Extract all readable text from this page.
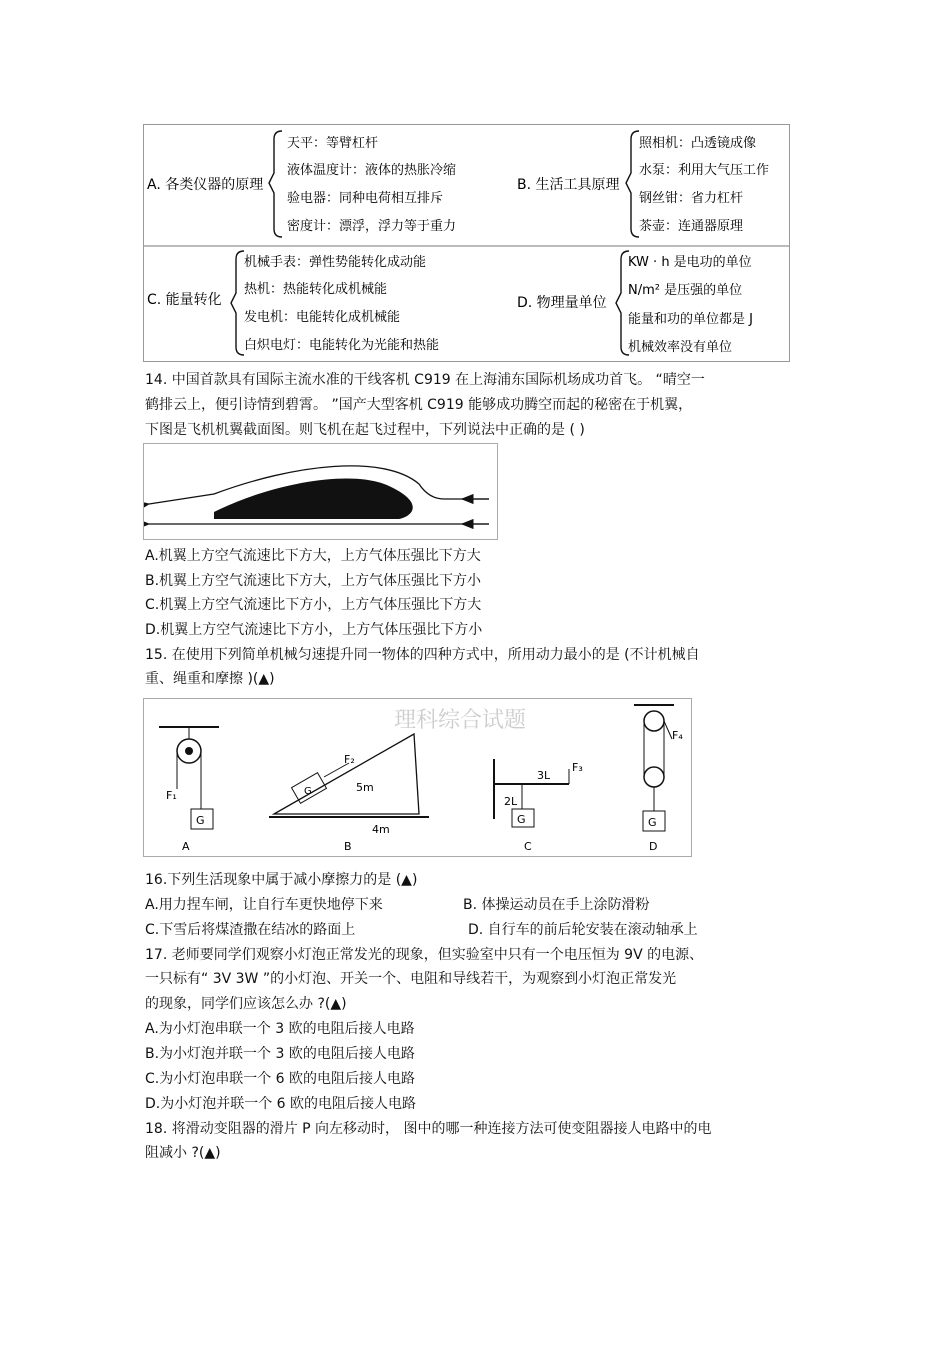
A. 各类仪器的原理
天平：等臂杠杆
液体温度计：液体的热胀冷缩
验电器：同种电荷相互排斥
密度计：漂浮，浮力等于重力
B. 生活工具原理
照相机：凸透镜成像
水泵：利用大气压工作
钢丝钳：省力杠杆
茶壶：连通器原理
C. 能量转化
机械手表：弹性势能转化成动能
热机：热能转化成机械能
发电机：电能转化成机械能
白炽电灯：电能转化为光能和热能
D. 物理量单位
KW · h 是电功的单位
N/m² 是压强的单位
能量和功的单位都是 J
机械效率没有单位
14. 中国首款具有国际主流水准的干线客机 C919 在上海浦东国际机场成功首飞。 “晴空一
鹤排云上，便引诗情到碧霄。 ”国产大型客机 C919 能够成功腾空而起的秘密在于机翼，
下图是飞机机翼截面图。则飞机在起飞过程中，下列说法中正确的是 ( )
A.机翼上方空气流速比下方大，上方气体压强比下方大
B.机翼上方空气流速比下方大，上方气体压强比下方小
C.机翼上方空气流速比下方小，上方气体压强比下方大
D.机翼上方空气流速比下方小，上方气体压强比下方小
15. 在使用下列简单机械匀速提升同一物体的四种方式中，所用动力最小的是 (不计机械自
重、绳重和摩擦 )(▲)
理科综合试题
G
F₁
A
G
F₂
5m
4m
B
F₃
3L
2L
G
C
F₄
G
D
16.下列生活现象中属于减小摩擦力的是 (▲)
A.用力捏车闸，让自行车更快地停下来	B. 体操运动员在手上涂防滑粉
C.下雪后将煤渣撒在结冰的路面上	D. 自行车的前后轮安装在滚动轴承上
17. 老师要同学们观察小灯泡正常发光的现象，但实验室中只有一个电压恒为 9V 的电源、
一只标有“ 3V 3W ”的小灯泡、开关一个、电阻和导线若干，为观察到小灯泡正常发光
的现象，同学们应该怎么办 ?(▲)
A.为小灯泡串联一个 3 欧的电阻后接人电路
B.为小灯泡并联一个 3 欧的电阻后接人电路
C.为小灯泡串联一个 6 欧的电阻后接人电路
D.为小灯泡并联一个 6 欧的电阻后接人电路
18. 将滑动变阻器的滑片 P 向左移动时， 图中的哪一种连接方法可使变阻器接人电路中的电
阻减小 ?(▲)
